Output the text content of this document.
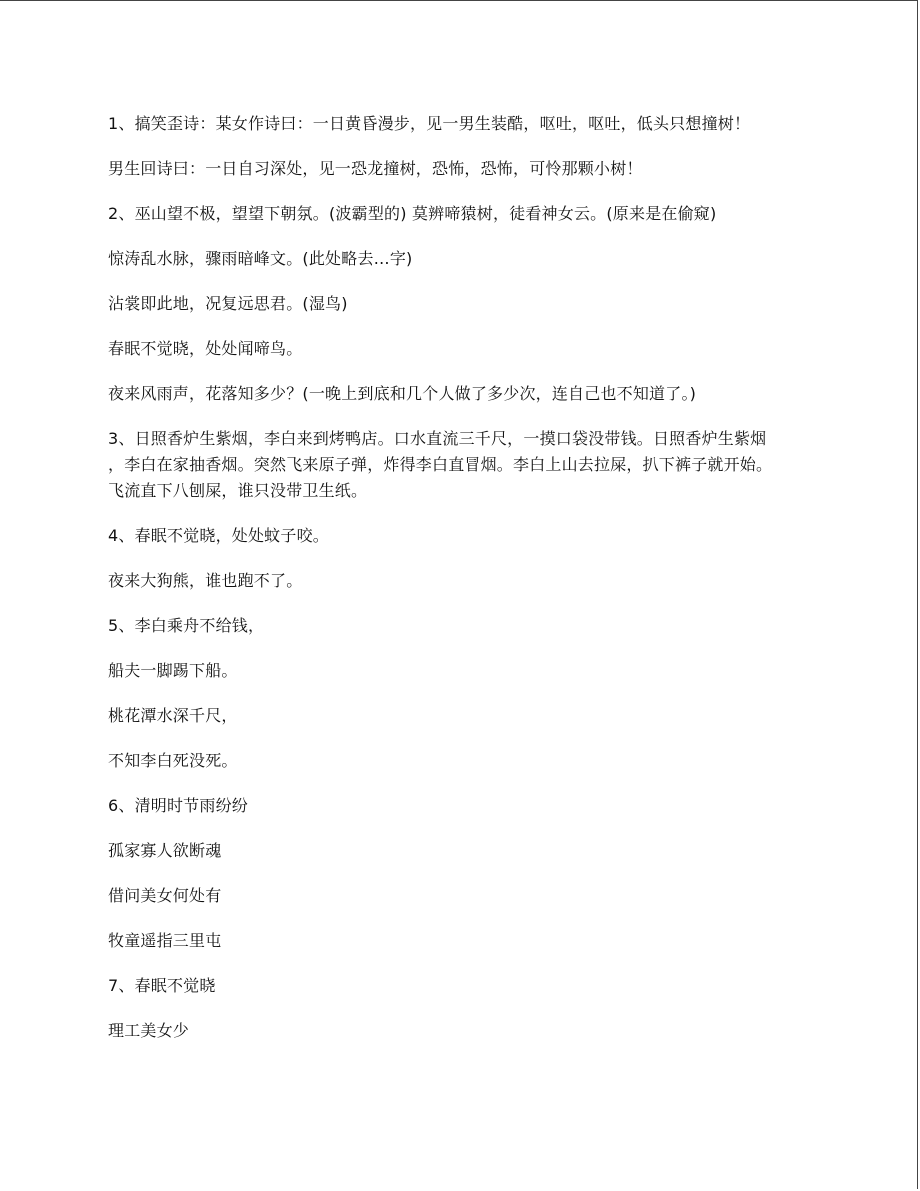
1、搞笑歪诗：某女作诗曰：一日黄昏漫步，见一男生装酷，呕吐，呕吐，低头只想撞树！
男生回诗曰：一日自习深处，见一恐龙撞树，恐怖，恐怖，可怜那颗小树！
2、巫山望不极，望望下朝氛。(波霸型的) 莫辨啼猿树，徒看神女云。(原来是在偷窥)
惊涛乱水脉，骤雨暗峰文。(此处略去…字)
沾裳即此地，况复远思君。(湿鸟)
春眠不觉晓，处处闻啼鸟。
夜来风雨声，花落知多少？(一晚上到底和几个人做了多少次，连自己也不知道了。)
3、日照香炉生紫烟，李白来到烤鸭店。口水直流三千尺，一摸口袋没带钱。日照香炉生紫烟
，李白在家抽香烟。突然飞来原子弹，炸得李白直冒烟。李白上山去拉屎，扒下裤子就开始。
飞流直下八刨屎，谁只没带卫生纸。
4、春眠不觉晓，处处蚊子咬。
夜来大狗熊，谁也跑不了。
5、李白乘舟不给钱，
船夫一脚踢下船。
桃花潭水深千尺，
不知李白死没死。
6、清明时节雨纷纷
孤家寡人欲断魂
借问美女何处有
牧童遥指三里屯
7、春眠不觉晓
理工美女少
